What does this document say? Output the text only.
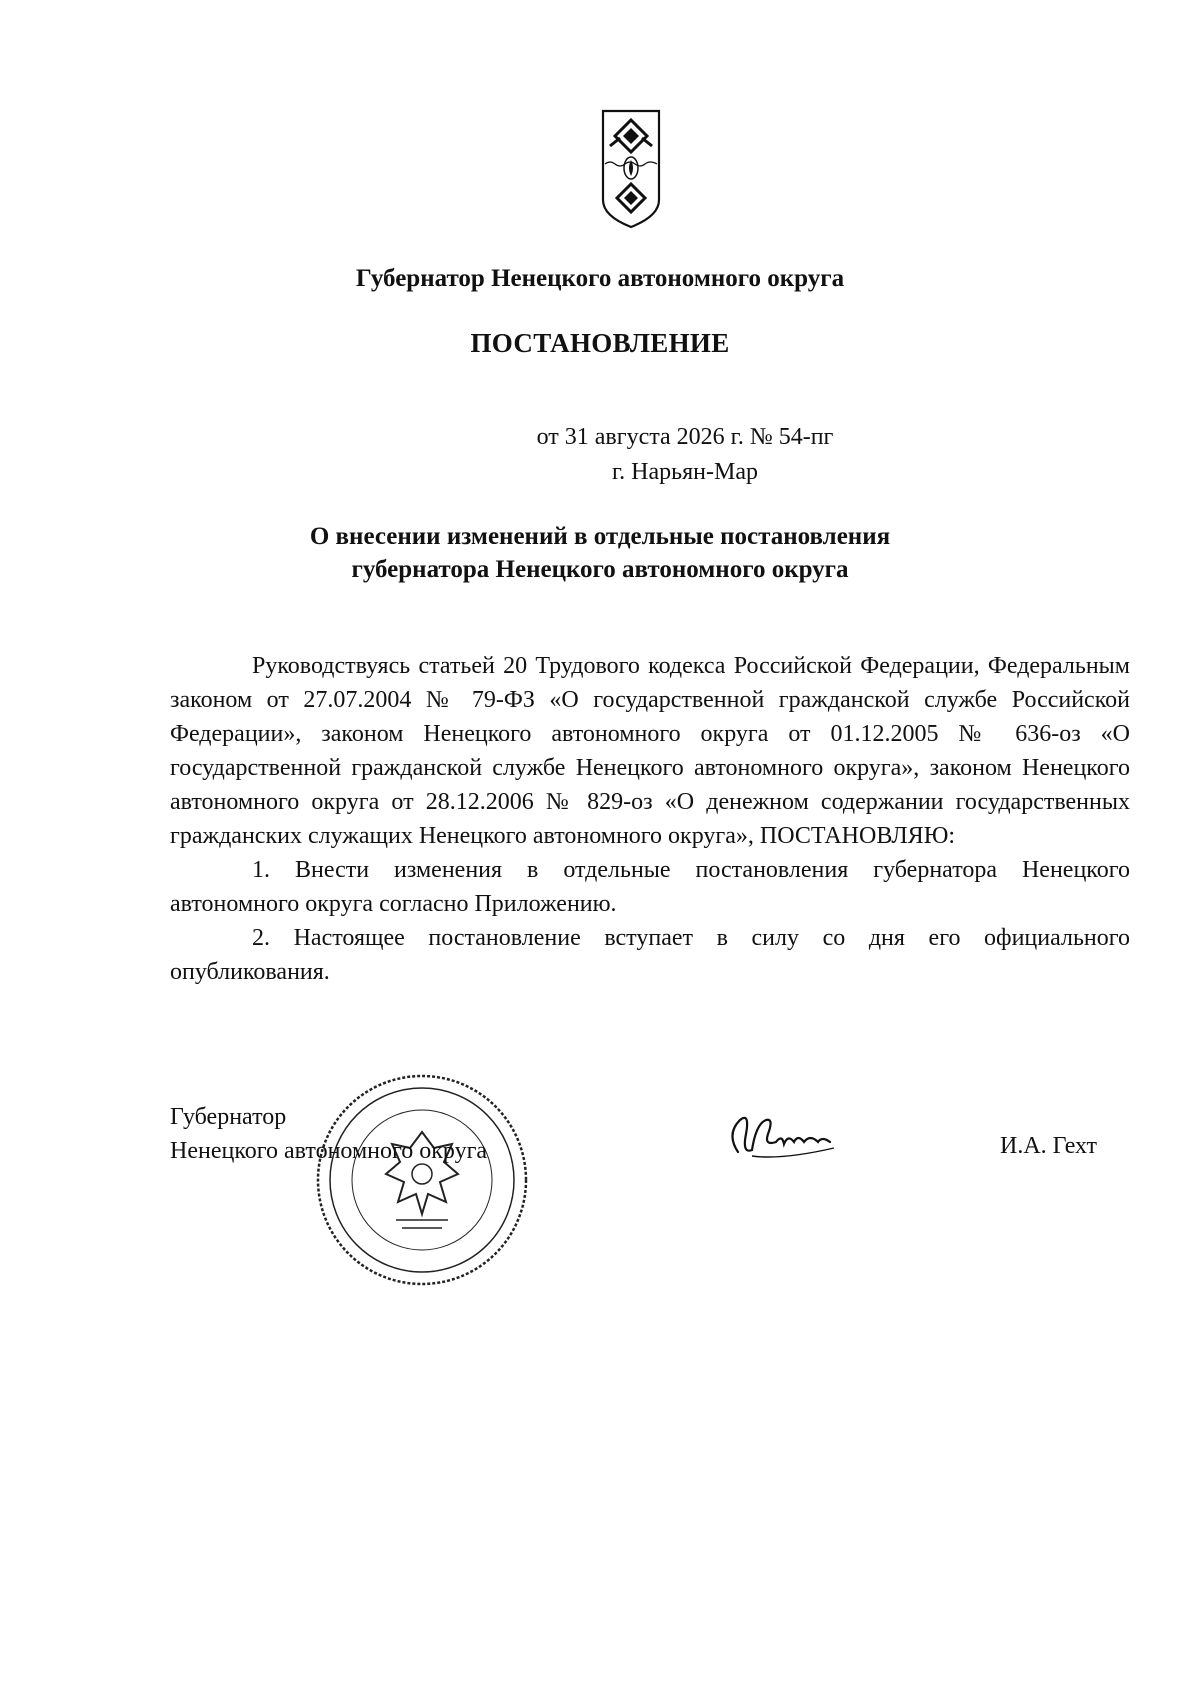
Губернатор Ненецкого автономного округа
ПОСТАНОВЛЕНИЕ
от 31 августа 2026 г. № 54-пг
г. Нарьян-Мар
О внесении изменений в отдельные постановления
губернатора Ненецкого автономного округа

Руководствуясь статьей 20 Трудового кодекса Российской Федерации, Федеральным законом от 27.07.2004 № 79-ФЗ «О государственной гражданской службе Российской Федерации», законом Ненецкого автономного округа от 01.12.2005 № 636-оз «О государственной гражданской службе Ненецкого автономного округа», законом Ненецкого автономного округа от 28.12.2006 № 829-оз «О денежном содержании государственных гражданских служащих Ненецкого автономного округа», ПОСТАНОВЛЯЮ:

1. Внести изменения в отдельные постановления губернатора Ненецкого автономного округа согласно Приложению.

2. Настоящее постановление вступает в силу со дня его официального опубликования.

Губернатор
Ненецкого автономного округа	И.А. Гехт
